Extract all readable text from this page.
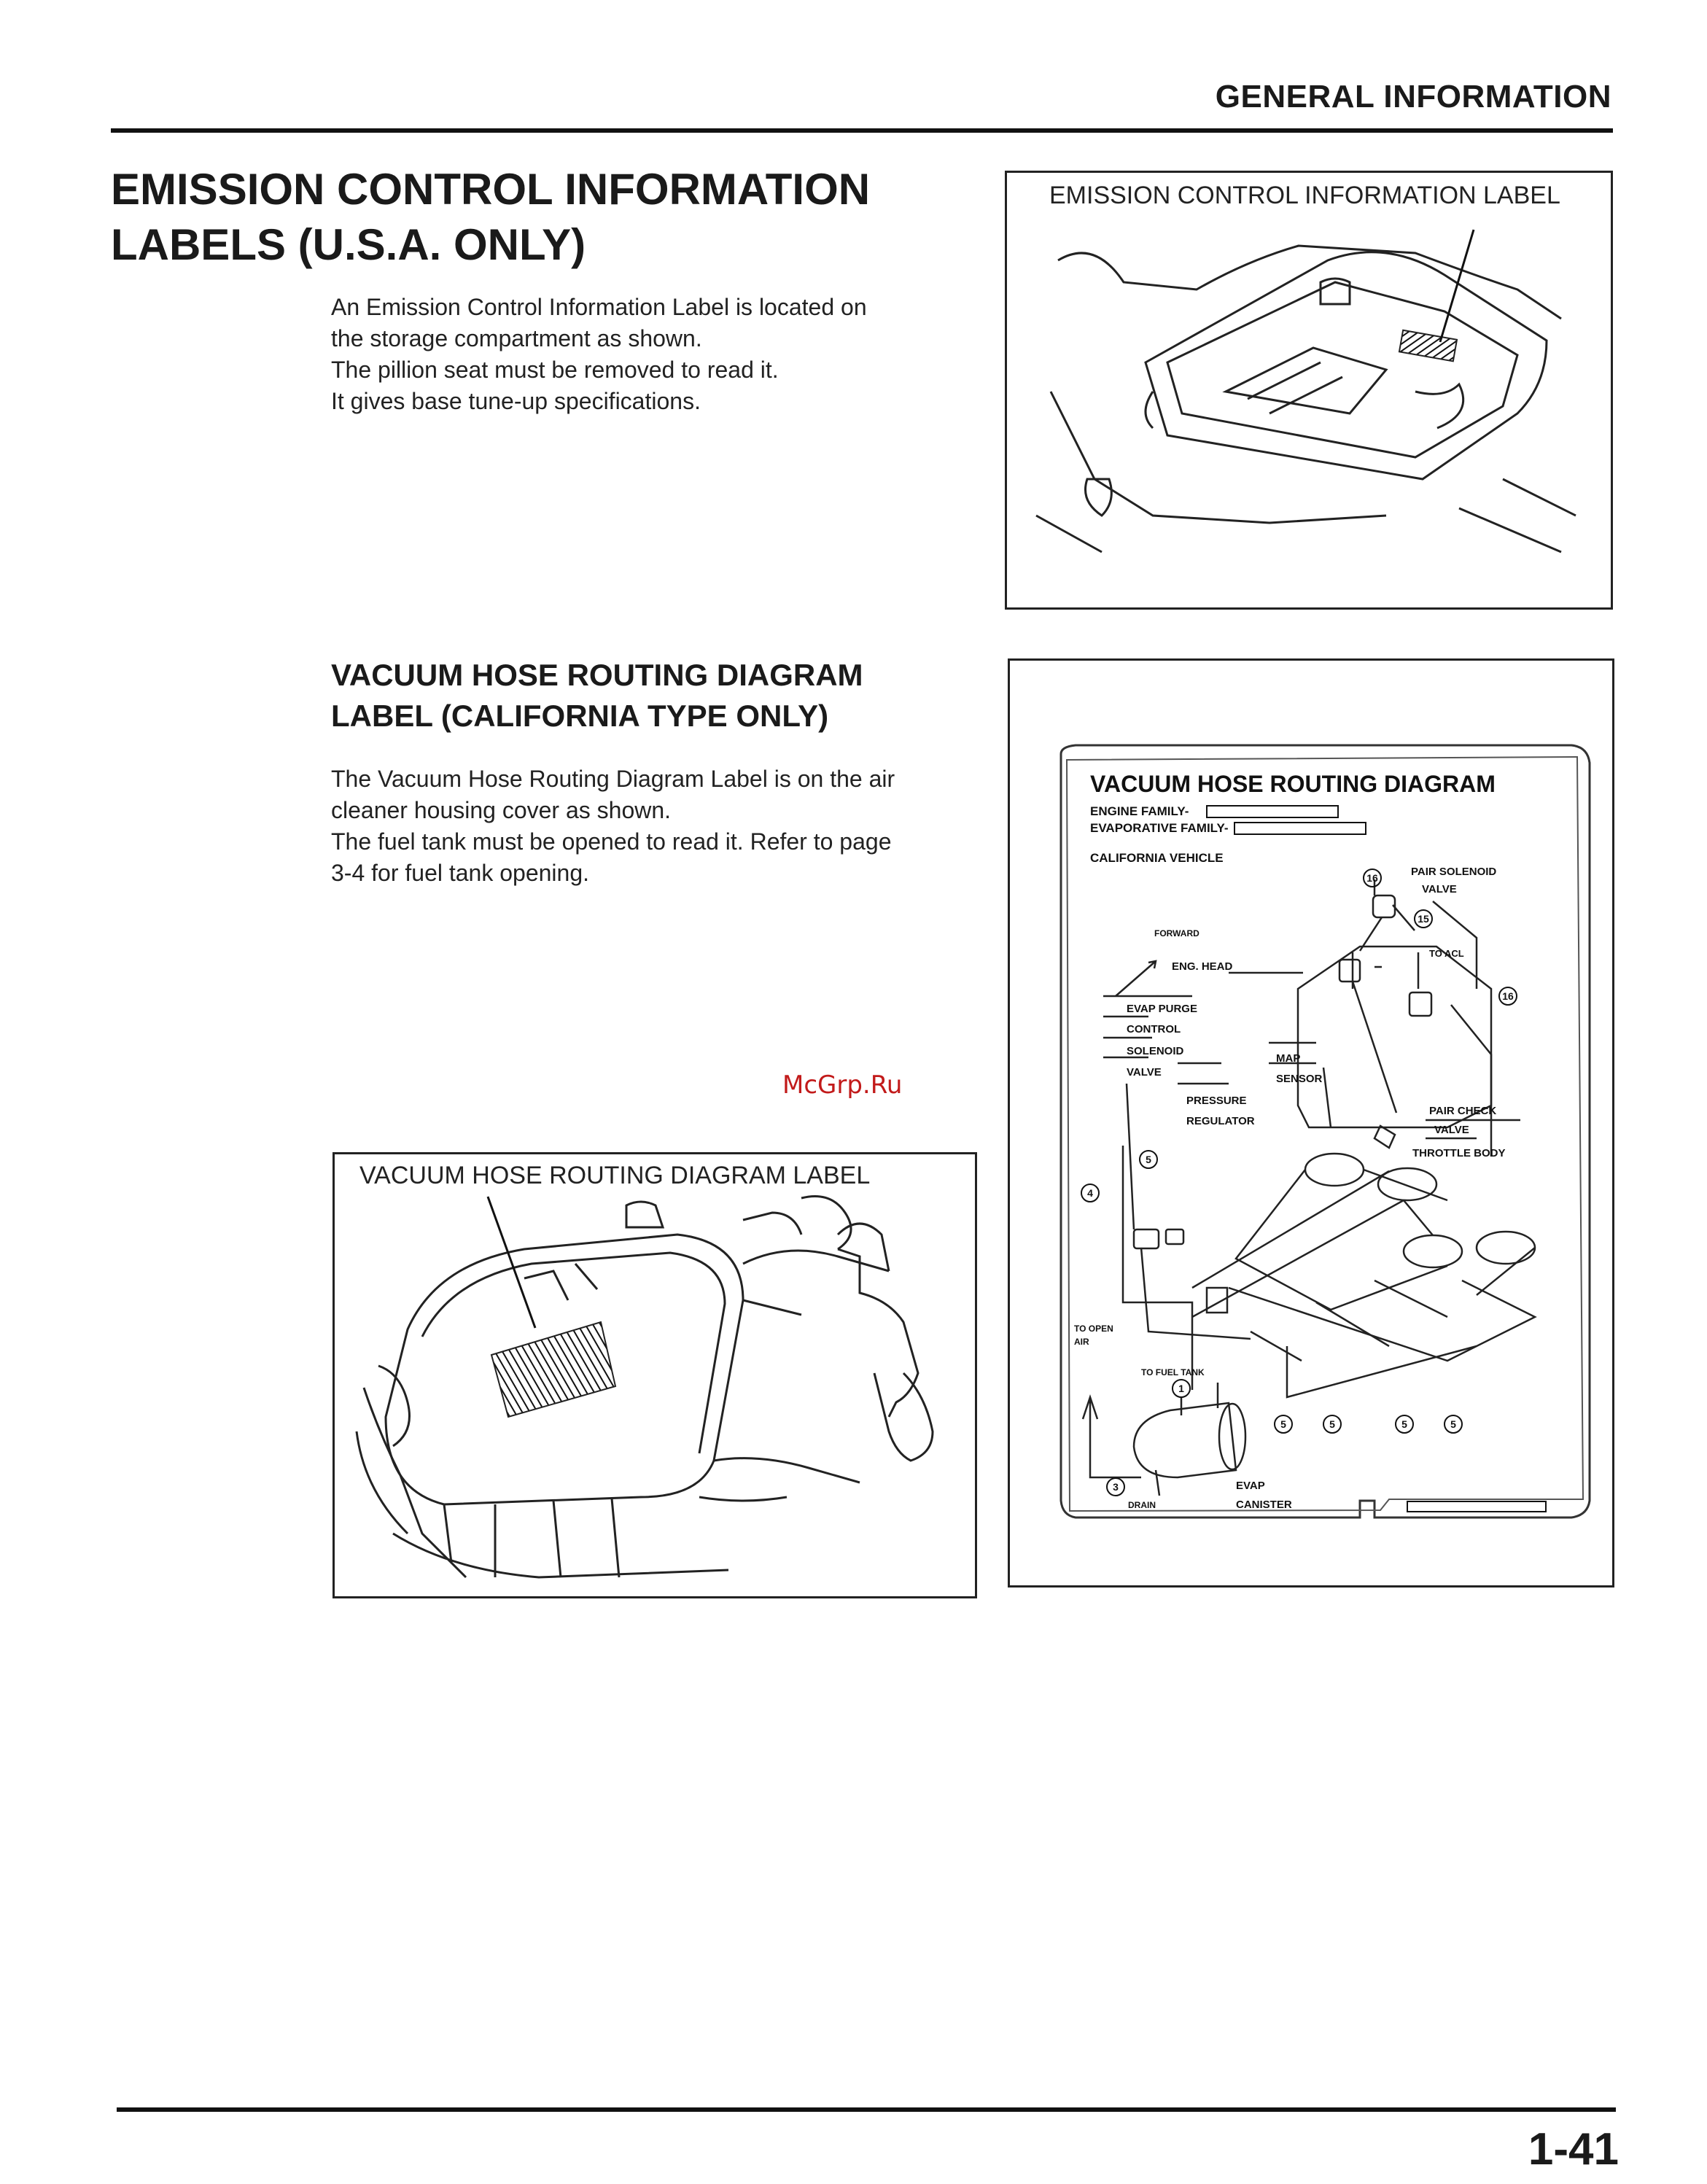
GENERAL INFORMATION
EMISSION CONTROL INFORMATION
LABELS (U.S.A. ONLY)
An Emission Control Information Label is located on
the storage compartment as shown.
The pillion seat must be removed to read it.
It gives base tune-up specifications.
VACUUM HOSE ROUTING DIAGRAM
LABEL (CALIFORNIA TYPE ONLY)
The Vacuum Hose Routing Diagram Label is on the air
cleaner housing cover as shown.
The fuel tank must be opened to read it. Refer to page
3-4 for fuel tank opening.
EMISSION CONTROL INFORMATION LABEL
VACUUM HOSE ROUTING DIAGRAM
ENGINE FAMILY-
EVAPORATIVE FAMILY-
CALIFORNIA VEHICLE
PAIR SOLENOID
VALVE
FORWARD
TO ACL
ENG. HEAD
EVAP PURGE
CONTROL
SOLENOID
VALVE
MAP
SENSOR
PRESSURE
REGULATOR
PAIR CHECK
VALVE
THROTTLE BODY
TO OPEN
AIR
TO FUEL TANK
DRAIN
EVAP
CANISTER
16
15
16
5
4
1
3
5	5	5	5
VACUUM HOSE ROUTING DIAGRAM LABEL
McGrp.Ru
1-41
